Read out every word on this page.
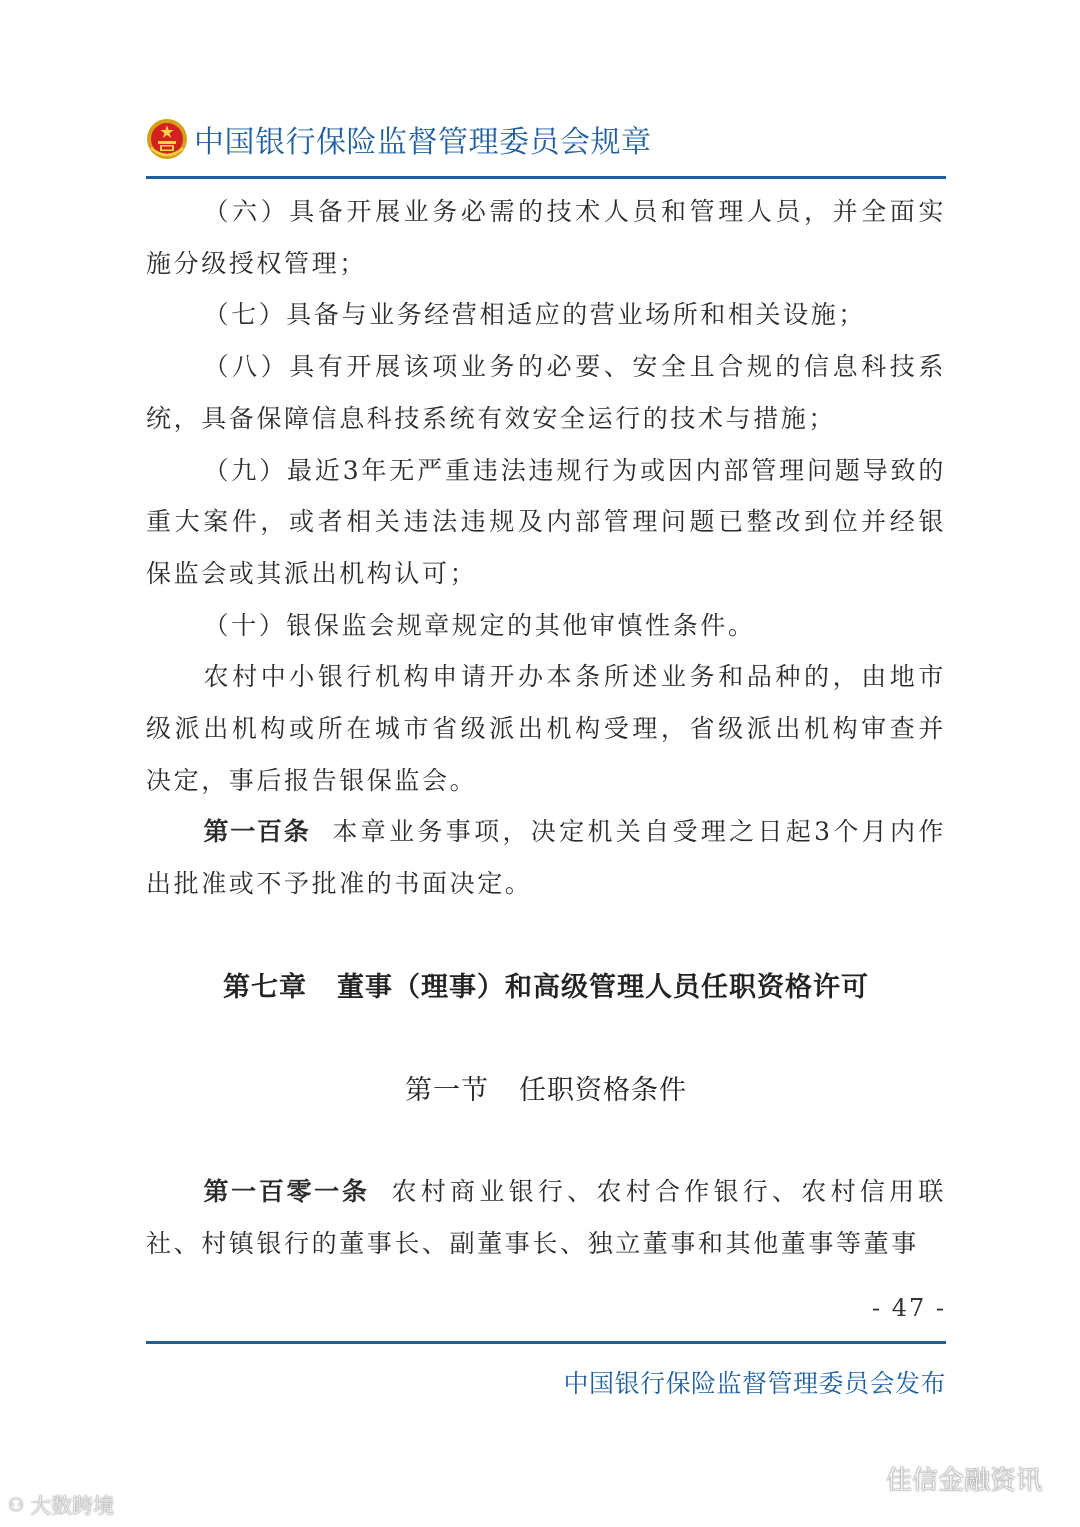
中国银行保险监督管理委员会规章

（六）具备开展业务必需的技术人员和管理人员，并全面实施分级授权管理；

（七）具备与业务经营相适应的营业场所和相关设施；

（八）具有开展该项业务的必要、安全且合规的信息科技系统，具备保障信息科技系统有效安全运行的技术与措施；

（九）最近3年无严重违法违规行为或因内部管理问题导致的重大案件，或者相关违法违规及内部管理问题已整改到位并经银保监会或其派出机构认可；

（十）银保监会规章规定的其他审慎性条件。

农村中小银行机构申请开办本条所述业务和品种的，由地市级派出机构或所在城市省级派出机构受理，省级派出机构审查并决定，事后报告银保监会。

第一百条 本章业务事项，决定机关自受理之日起3个月内作出批准或不予批准的书面决定。

第七章 董事（理事）和高级管理人员任职资格许可
第一节 任职资格条件

第一百零一条 农村商业银行、农村合作银行、农村信用联社、村镇银行的董事长、副董事长、独立董事和其他董事等董事

- 47 -
中国银行保险监督管理委员会发布
⚇ 大数跨境
佳信金融资讯
